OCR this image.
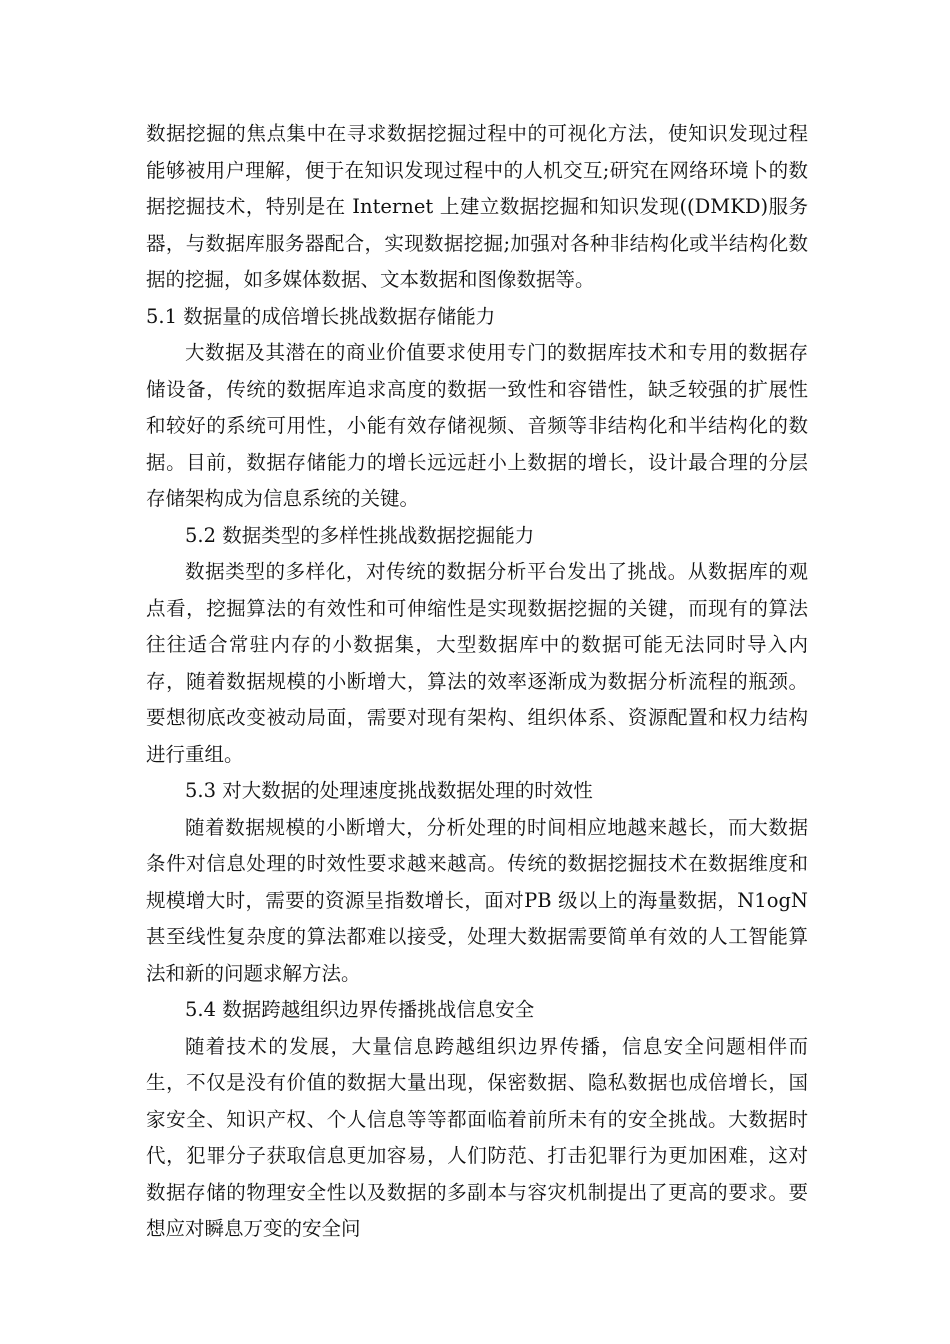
数据挖掘的焦点集中在寻求数据挖掘过程中的可视化方法，使知识发现过程能够被用户理解，便于在知识发现过程中的人机交互;研究在网络环境卜的数据挖掘技术，特别是在 Internet 上建立数据挖掘和知识发现((DMKD)服务器，与数据库服务器配合，实现数据挖掘;加强对各种非结构化或半结构化数据的挖掘，如多媒体数据、文本数据和图像数据等。

5.1 数据量的成倍增长挑战数据存储能力

大数据及其潜在的商业价值要求使用专门的数据库技术和专用的数据存储设备，传统的数据库追求高度的数据一致性和容错性，缺乏较强的扩展性和较好的系统可用性，小能有效存储视频、音频等非结构化和半结构化的数据。目前，数据存储能力的增长远远赶小上数据的增长，设计最合理的分层存储架构成为信息系统的关键。

5.2 数据类型的多样性挑战数据挖掘能力

数据类型的多样化，对传统的数据分析平台发出了挑战。从数据库的观点看，挖掘算法的有效性和可伸缩性是实现数据挖掘的关键，而现有的算法往往适合常驻内存的小数据集，大型数据库中的数据可能无法同时导入内存，随着数据规模的小断增大，算法的效率逐渐成为数据分析流程的瓶颈。要想彻底改变被动局面，需要对现有架构、组织体系、资源配置和权力结构进行重组。

5.3 对大数据的处理速度挑战数据处理的时效性

随着数据规模的小断增大，分析处理的时间相应地越来越长，而大数据条件对信息处理的时效性要求越来越高。传统的数据挖掘技术在数据维度和规模增大时，需要的资源呈指数增长，面对PB 级以上的海量数据，N1ogN 甚至线性复杂度的算法都难以接受，处理大数据需要简单有效的人工智能算法和新的问题求解方法。

5.4 数据跨越组织边界传播挑战信息安全

随着技术的发展，大量信息跨越组织边界传播，信息安全问题相伴而生，不仅是没有价值的数据大量出现，保密数据、隐私数据也成倍增长，国家安全、知识产权、个人信息等等都面临着前所未有的安全挑战。大数据时代，犯罪分子获取信息更加容易，人们防范、打击犯罪行为更加困难，这对数据存储的物理安全性以及数据的多副本与容灾机制提出了更高的要求。要想应对瞬息万变的安全问
